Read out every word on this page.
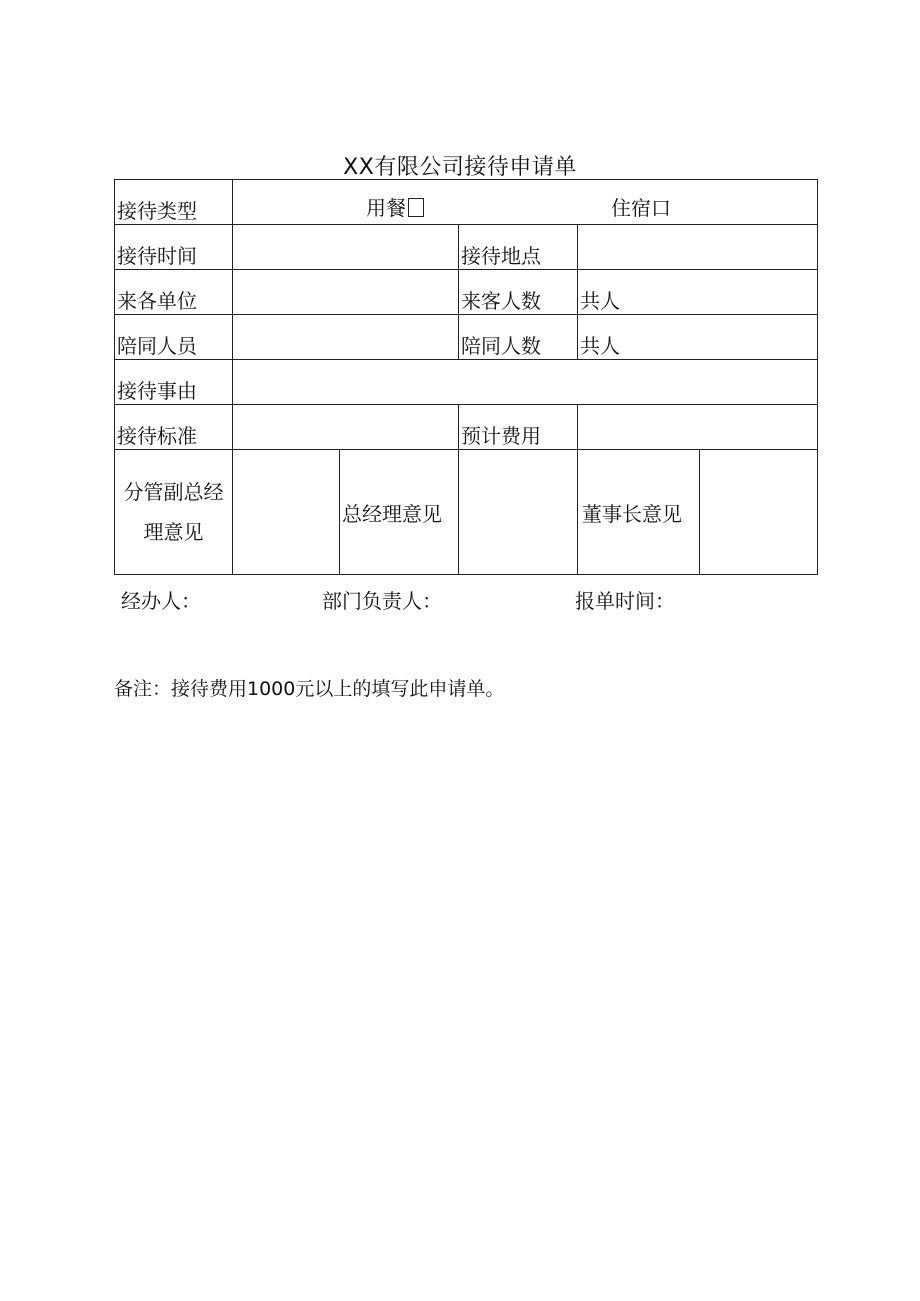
XX有限公司接待申请单
接待类型	用餐 住宿口				

接待时间			接待地点		
来各单位			来客人数	共人	
陪同人员			陪同人数	共人	
接待事由					
接待标准			预计费用		
分管副总经理意见		总经理意见		董事长意见	
经办人：	部门负责人：	报单时间：
备注：接待费用1000元以上的填写此申请单。
